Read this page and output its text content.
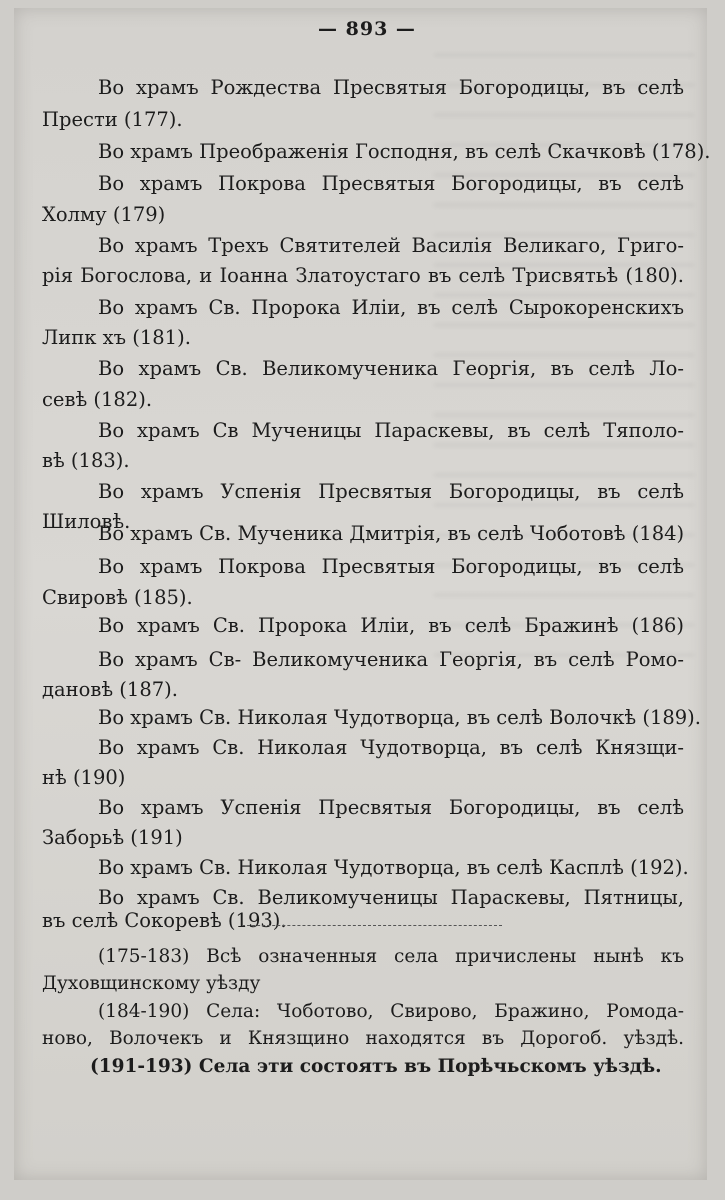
— 893 —
Во храмъ Рождества Пресвятыя Богородицы, въ селѣ
Прести (177).
Во храмъ Преображенія Господня, въ селѣ Скачковѣ (178).
Во храмъ Покрова Пресвятыя Богородицы, въ селѣ
Холму (179)
Во храмъ Трехъ Святителей Василія Великаго, Григо-
рія Богослова, и Іоанна Златоустаго въ селѣ Трисвятьѣ (180).
Во храмъ Св. Пророка Иліи, въ селѣ Сырокоренскихъ
Липк хъ (181).
Во храмъ Св. Великомученика Георгія, въ селѣ Ло-
севѣ (182).
Во храмъ Св Мученицы Параскевы, въ селѣ Тяполо-
вѣ (183).
Во храмъ Успенія Пресвятыя Богородицы, въ селѣ
Шиловѣ.
Во храмъ Св. Мученика Дмитрія, въ селѣ Чоботовѣ (184)
Во храмъ Покрова Пресвятыя Богородицы, въ селѣ
Свировѣ (185).
Во храмъ Св. Пророка Иліи, въ селѣ Бражинѣ (186)
Во храмъ Св- Великомученика Георгія, въ селѣ Ромо-
дановѣ (187).
Во храмъ Св. Николая Чудотворца, въ селѣ Волочкѣ (189).
Во храмъ Св. Николая Чудотворца, въ селѣ Князщи-
нѣ (190)
Во храмъ Успенія Пресвятыя Богородицы, въ селѣ
Заборьѣ (191)
Во храмъ Св. Николая Чудотворца, въ селѣ Касплѣ (192).
Во храмъ Св. Великомученицы Параскевы, Пятницы,
въ селѣ Сокоревѣ (193).
(175-183) Всѣ означенныя села причислены нынѣ къ
Духовщинскому уѣзду
(184-190) Села: Чоботово, Свирово, Бражино, Ромода-
ново, Волочекъ и Князщино находятся въ Дорогоб. уѣздѣ.
(191-193) Села эти состоятъ въ Порѣчьскомъ уѣздѣ.
